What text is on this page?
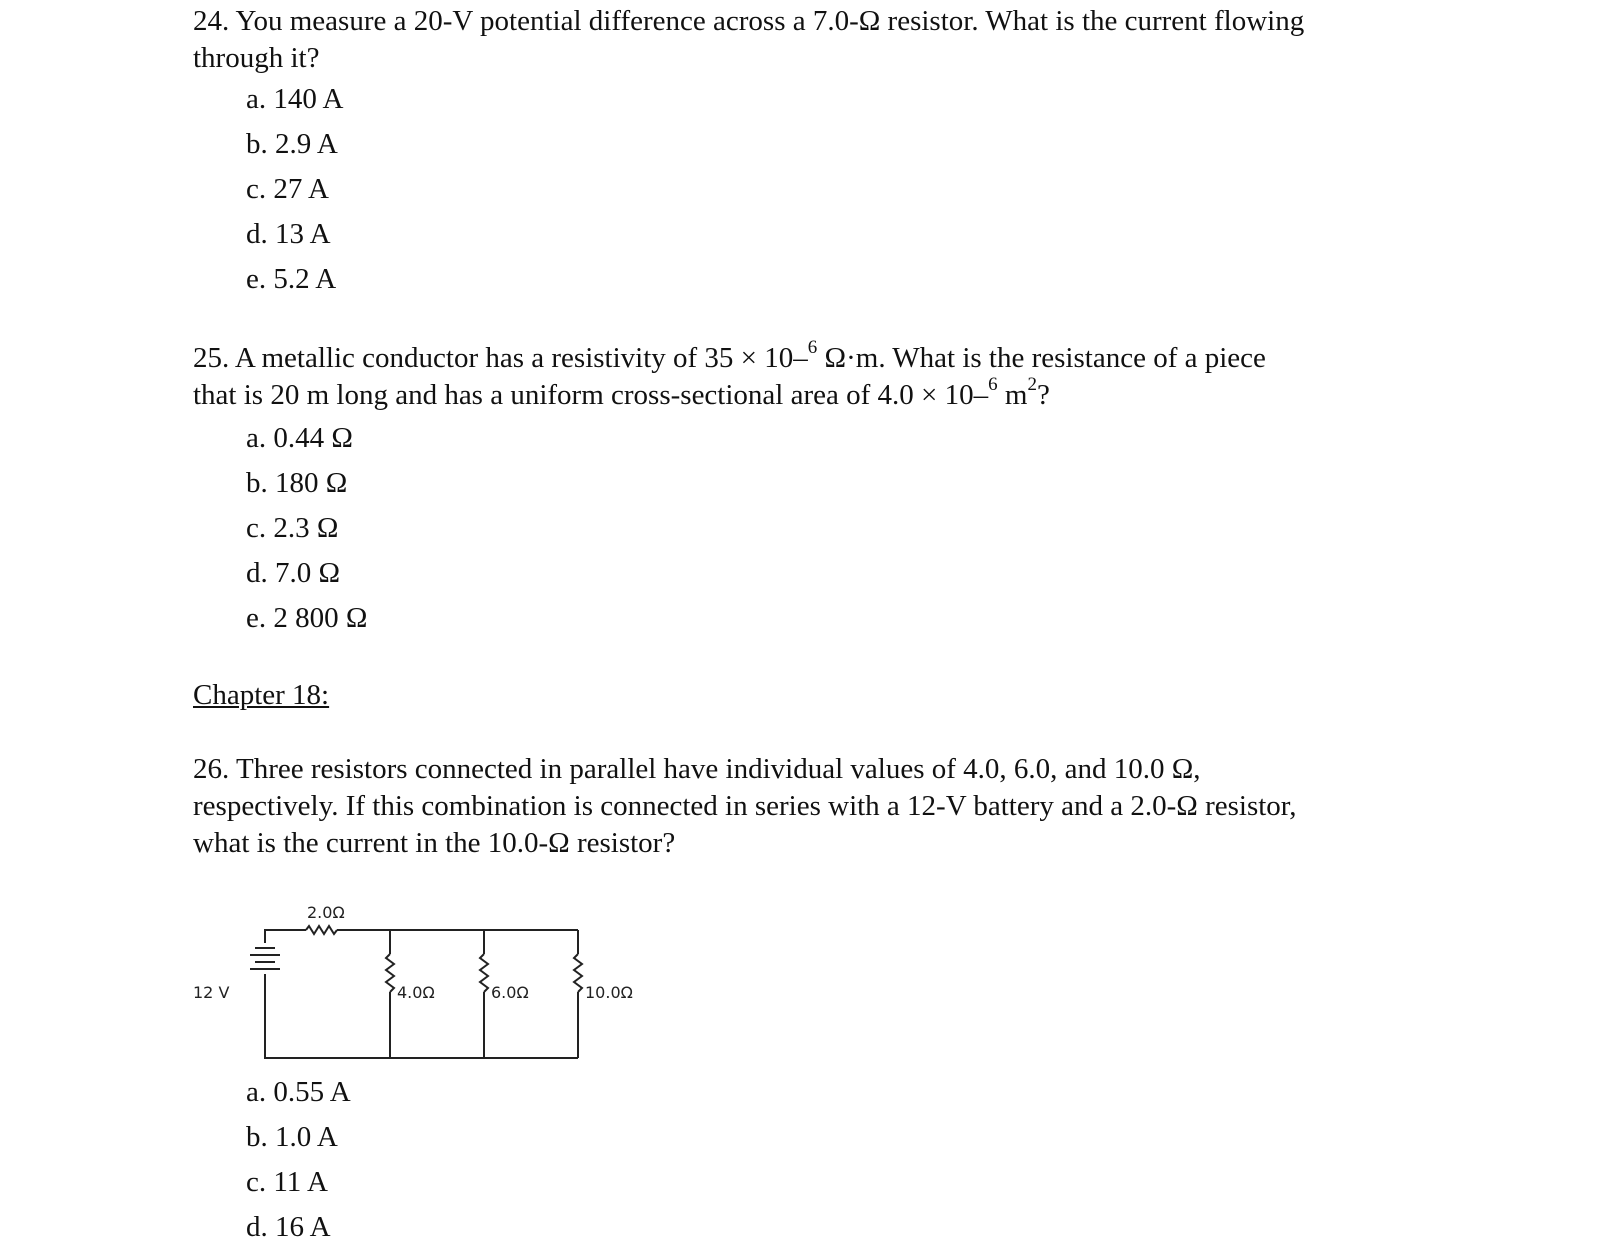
24. You measure a 20-V potential difference across a 7.0-Ω resistor. What is the current flowing
through it?
a. 140 A
b. 2.9 A
c. 27 A
d. 13 A
e. 5.2 A
25. A metallic conductor has a resistivity of 35 × 10–$^6$ Ω·m. What is the resistance of a piece
that is 20 m long and has a uniform cross-sectional area of 4.0 × 10–$^6$ $m^2$?
a. 0.44 Ω
b. 180 Ω
c. 2.3 Ω
d. 7.0 Ω
e. 2 800 Ω
Chapter 18:
26. Three resistors connected in parallel have individual values of 4.0, 6.0, and 10.0 Ω,
respectively. If this combination is connected in series with a 12-V battery and a 2.0-Ω resistor,
what is the current in the 10.0-Ω resistor?
2.0Ω
12 V	4.0Ω	6.0Ω	10.0Ω
a. 0.55 A
b. 1.0 A
c. 11 A
d. 16 A
